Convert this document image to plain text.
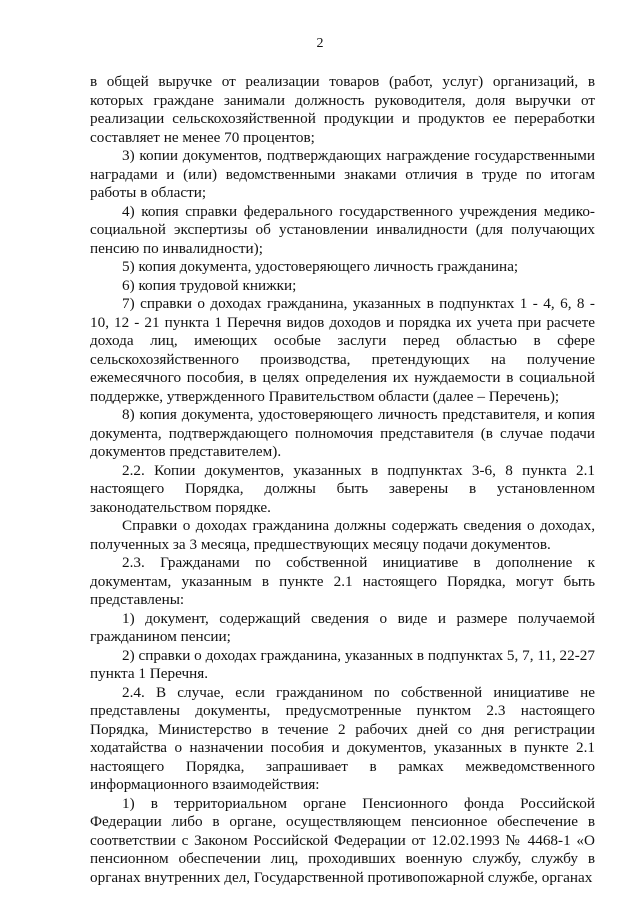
2

в общей выручке от реализации товаров (работ, услуг) организаций, в которых граждане занимали должность руководителя, доля выручки от реализации сельскохозяйственной продукции и продуктов ее переработки составляет не менее 70 процентов;

3) копии документов, подтверждающих награждение государственными наградами и (или) ведомственными знаками отличия в труде по итогам работы в области;

4) копия справки федерального государственного учреждения медико-социальной экспертизы об установлении инвалидности (для получающих пенсию по инвалидности);

5) копия документа, удостоверяющего личность гражданина;

6) копия трудовой книжки;

7) справки о доходах гражданина, указанных в подпунктах 1 - 4, 6, 8 - 10, 12 - 21 пункта 1 Перечня видов доходов и порядка их учета при расчете дохода лиц, имеющих особые заслуги перед областью в сфере сельскохозяйственного производства, претендующих на получение ежемесячного пособия, в целях определения их нуждаемости в социальной поддержке, утвержденного Правительством области (далее – Перечень);

8) копия документа, удостоверяющего личность представителя, и копия документа, подтверждающего полномочия представителя (в случае подачи документов представителем).

2.2. Копии документов, указанных в подпунктах 3-6, 8 пункта 2.1 настоящего Порядка, должны быть заверены в установленном законодательством порядке.

Справки о доходах гражданина должны содержать сведения о доходах, полученных за 3 месяца, предшествующих месяцу подачи документов.

2.3. Гражданами по собственной инициативе в дополнение к документам, указанным в пункте 2.1 настоящего Порядка, могут быть представлены:

1) документ, содержащий сведения о виде и размере получаемой гражданином пенсии;

2) справки о доходах гражданина, указанных в подпунктах 5, 7, 11, 22-27 пункта 1 Перечня.

2.4. В случае, если гражданином по собственной инициативе не представлены документы, предусмотренные пунктом 2.3 настоящего Порядка, Министерство в течение 2 рабочих дней со дня регистрации ходатайства о назначении пособия и документов, указанных в пункте 2.1 настоящего Порядка, запрашивает в рамках межведомственного информационного взаимодействия:

1) в территориальном органе Пенсионного фонда Российской Федерации либо в органе, осуществляющем пенсионное обеспечение в соответствии с Законом Российской Федерации от 12.02.1993 № 4468-1 «О пенсионном обеспечении лиц, проходивших военную службу, службу в органах внутренних дел, Государственной противопожарной службе, органах
